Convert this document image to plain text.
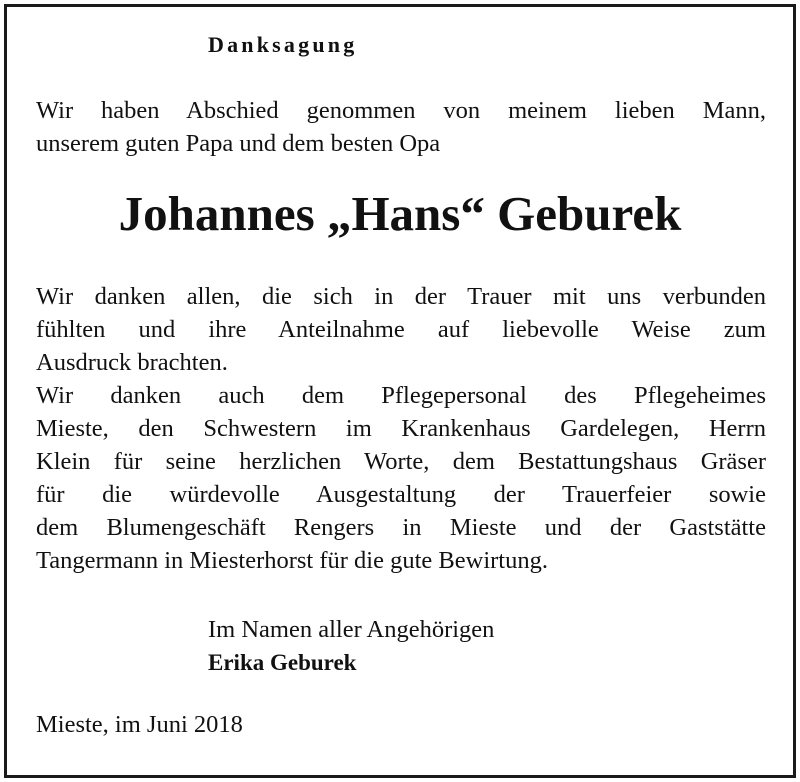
Danksagung

Wir haben Abschied genommen von meinem lieben Mann,
unserem guten Papa und dem besten Opa

Johannes „Hans“ Geburek

Wir danken allen, die sich in der Trauer mit uns verbunden
fühlten und ihre Anteilnahme auf liebevolle Weise zum
Ausdruck brachten.

Wir danken auch dem Pflegepersonal des Pflegeheimes
Mieste, den Schwestern im Krankenhaus Gardelegen, Herrn
Klein für seine herzlichen Worte, dem Bestattungshaus Gräser
für die würdevolle Ausgestaltung der Trauerfeier sowie
dem Blumengeschäft Rengers in Mieste und der Gaststätte
Tangermann in Miesterhorst für die gute Bewirtung.

Im Namen aller Angehörigen

Erika Geburek

Mieste, im Juni 2018
